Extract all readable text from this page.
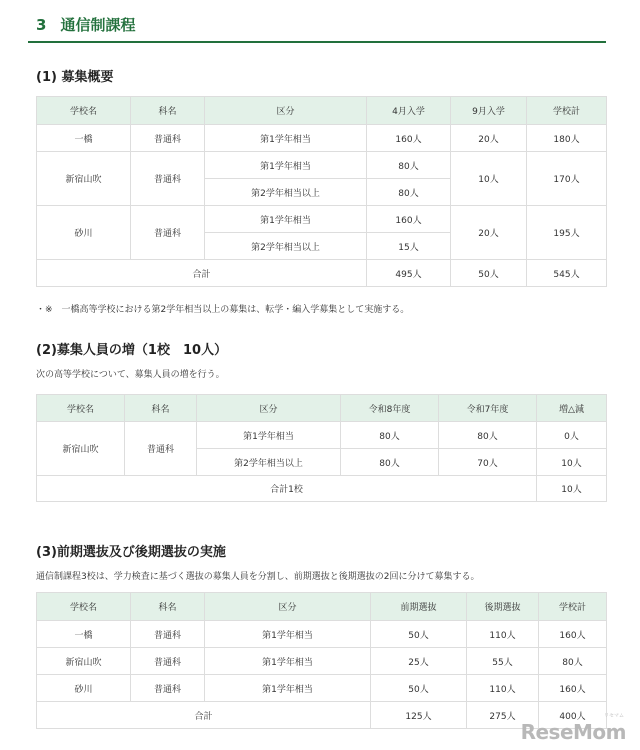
3 通信制課程
(1) 募集概要
学校名	科名	区分	4月入学	9月入学	学校計
一橋	普通科	第1学年相当	160人	20人	180人
新宿山吹	普通科	第1学年相当	80人	10人	170人
		第2学年相当以上	80人		
砂川	普通科	第1学年相当	160人	20人	195人
		第2学年相当以上	15人		
合計			495人	50人	545人

・※　一橋高等学校における第2学年相当以上の募集は、転学・編入学募集として実施する。

(2)募集人員の増（1校　10人）

次の高等学校について、募集人員の増を行う。

学校名	科名	区分	令和8年度	令和7年度	増△減
新宿山吹	普通科	第1学年相当	80人	80人	0人
		第2学年相当以上	80人	70人	10人
合計1校					10人
(3)前期選抜及び後期選抜の実施

通信制課程3校は、学力検査に基づく選抜の募集人員を分割し、前期選抜と後期選抜の2回に分けて募集する。

学校名	科名	区分	前期選抜	後期選抜	学校計
一橋	普通科	第1学年相当	50人	110人	160人
新宿山吹	普通科	第1学年相当	25人	55人	80人
砂川	普通科	第1学年相当	50人	110人	160人
合計			125人	275人	400人	リセマム
ReseMom
